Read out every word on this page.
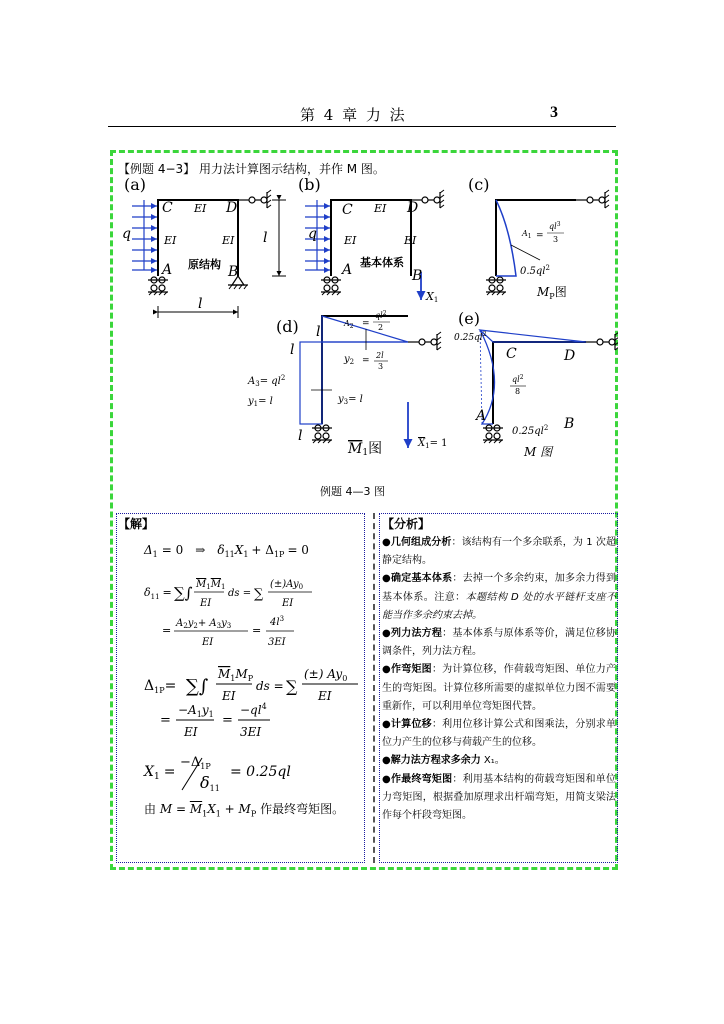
第 4 章 力 法	3
【例题 4−3】 用力法计算图示结构，并作 M 图。
(a)
C	D
EI
EI	EI
q
原结构
A	B
l
l
(b)
C	D
EI
EI	EI
q
基本体系
A	B
X1
(c)
$A_1$ =
$ql^3$
3
$0.5ql^2$
$M_P$图
(d)	$A_2$ =
$ql^2$
2
l
l
l
$y_2$ =
2l
3
$A_3= ql^2$
$y_1= l$	$y_3= l$
$X_1= 1$
M1图
(e)
$0.25ql^2$
C	D
$ql^2$
8
A	B
$0.25ql^2$
M 图
例题 4—3 图
【解】	【分析】
$\Delta_1 = 0$ ⇒ $\delta_{11}X_1 + \Delta_{1P} = 0$
$\delta_{11}$ = ∑∫ $M_1M_1$
EI
ds = ∑
$(\pm)Ay_0$
EI
=
$A_2y_2+ A_3y_3$
EI
=
$4l^3$
3EI
$\Delta_{1P}=$ ∑∫
$M_1M_P$
EI
ds = ∑
(±) $Ay_0$
EI
=
$-A_1y_1$
EI
=
$-ql^4$
3EI
$X_1$ =
$-\Delta_{1P}$
δ11
= 0.25ql
由 $M = \overline{M}_1X_1 + M_P$ 作最终弯矩图。

●几何组成分析：该结构有一个多余联系，为 1 次超静定结构。

●确定基本体系：去掉一个多余约束，加多余力得到基本体系。注意：本题结构 D 处的水平链杆支座不能当作多余约束去掉。

●列力法方程：基本体系与原体系等价，满足位移协调条件，列力法方程。

●作弯矩图：为计算位移，作荷载弯矩图、单位力产生的弯矩图。计算位移所需要的虚拟单位力图不需要重新作，可以利用单位弯矩图代替。

●计算位移：利用位移计算公式和图乘法，分别求单位力产生的位移与荷载产生的位移。

●解力法方程求多余力 X₁。

●作最终弯矩图：利用基本结构的荷载弯矩图和单位力弯矩图，根据叠加原理求出杆端弯矩，用简支梁法作每个杆段弯矩图。
